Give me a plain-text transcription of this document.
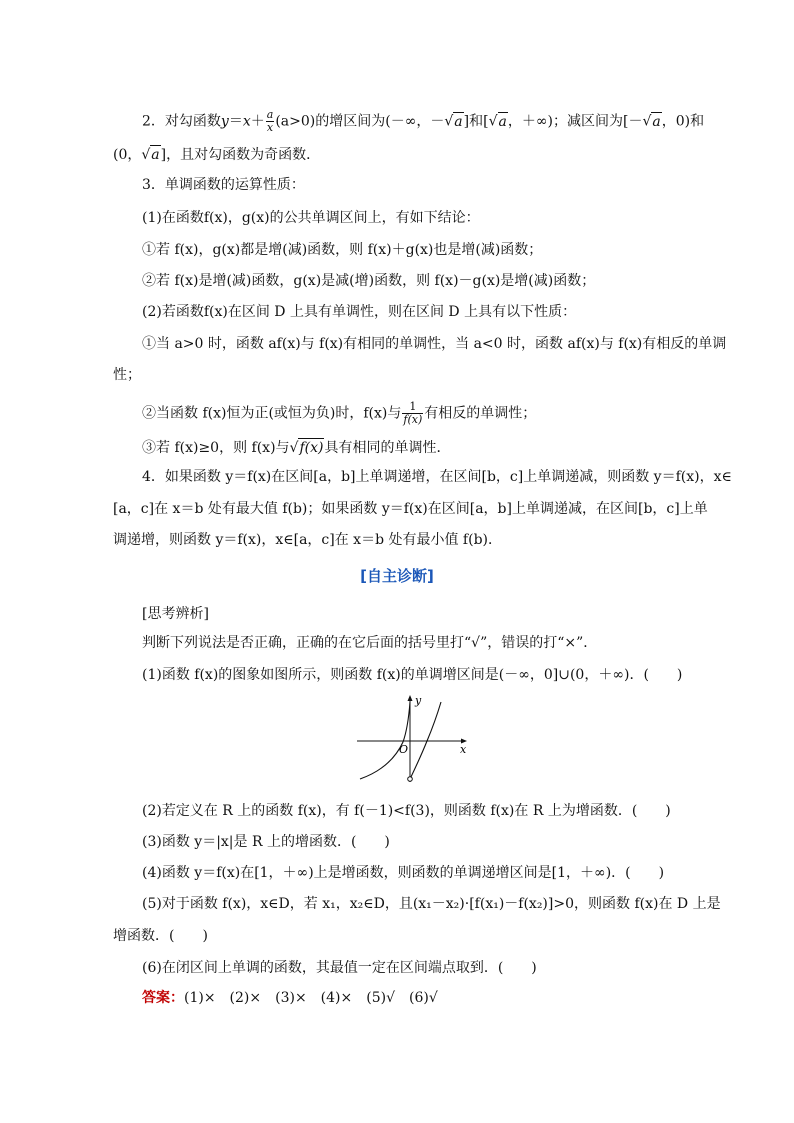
2．对勾函数$y=x+ \frac{a}{x} (a>0)$的增区间为(－∞，－√a]和[√a，＋∞)；减区间为[－√a，0)和
(0，√a]，且对勾函数为奇函数．
3．单调函数的运算性质：
(1)在函数f(x)，g(x)的公共单调区间上，有如下结论：
①若 f(x)，g(x)都是增(减)函数，则 f(x)＋g(x)也是增(减)函数；
②若 f(x)是增(减)函数，g(x)是减(增)函数，则 f(x)－g(x)是增(减)函数；
(2)若函数f(x)在区间 D 上具有单调性，则在区间 D 上具有以下性质：
①当 a>0 时，函数 af(x)与 f(x)有相同的单调性，当 a<0 时，函数 af(x)与 f(x)有相反的单调
性；
②当函数 f(x)恒为正(或恒为负)时，f(x)与 $\frac{1}{f(x)}$ 有相反的单调性；
③若 f(x)≥0，则 f(x)与√f(x)具有相同的单调性．
4．如果函数 y＝f(x)在区间[a，b]上单调递增，在区间[b，c]上单调递减，则函数 y＝f(x)，x∈
[a，c]在 x＝b 处有最大值 f(b)；如果函数 y＝f(x)在区间[a，b]上单调递减，在区间[b，c]上单
调递增，则函数 y＝f(x)，x∈[a，c]在 x＝b 处有最小值 f(b)．
[自主诊断]
[思考辨析]
判断下列说法是否正确，正确的在它后面的括号里打“√”，错误的打“×”．
(1)函数 f(x)的图象如图所示，则函数 f(x)的单调增区间是(－∞，0]∪(0，＋∞)．(　　)
y
x
O
(2)若定义在 R 上的函数 f(x)，有 f(－1)<f(3)，则函数 f(x)在 R 上为增函数．(　　)
(3)函数 y＝|x|是 R 上的增函数．(　　)
(4)函数 y＝f(x)在[1，＋∞)上是增函数，则函数的单调递增区间是[1，＋∞)．(　　)
(5)对于函数 f(x)，x∈D，若 x₁，x₂∈D，且(x₁－x₂)·[f(x₁)－f(x₂)]>0，则函数 f(x)在 D 上是
增函数．(　　)
(6)在闭区间上单调的函数，其最值一定在区间端点取到．(　　)
答案：(1)×　(2)×　(3)×　(4)×　(5)√　(6)√
